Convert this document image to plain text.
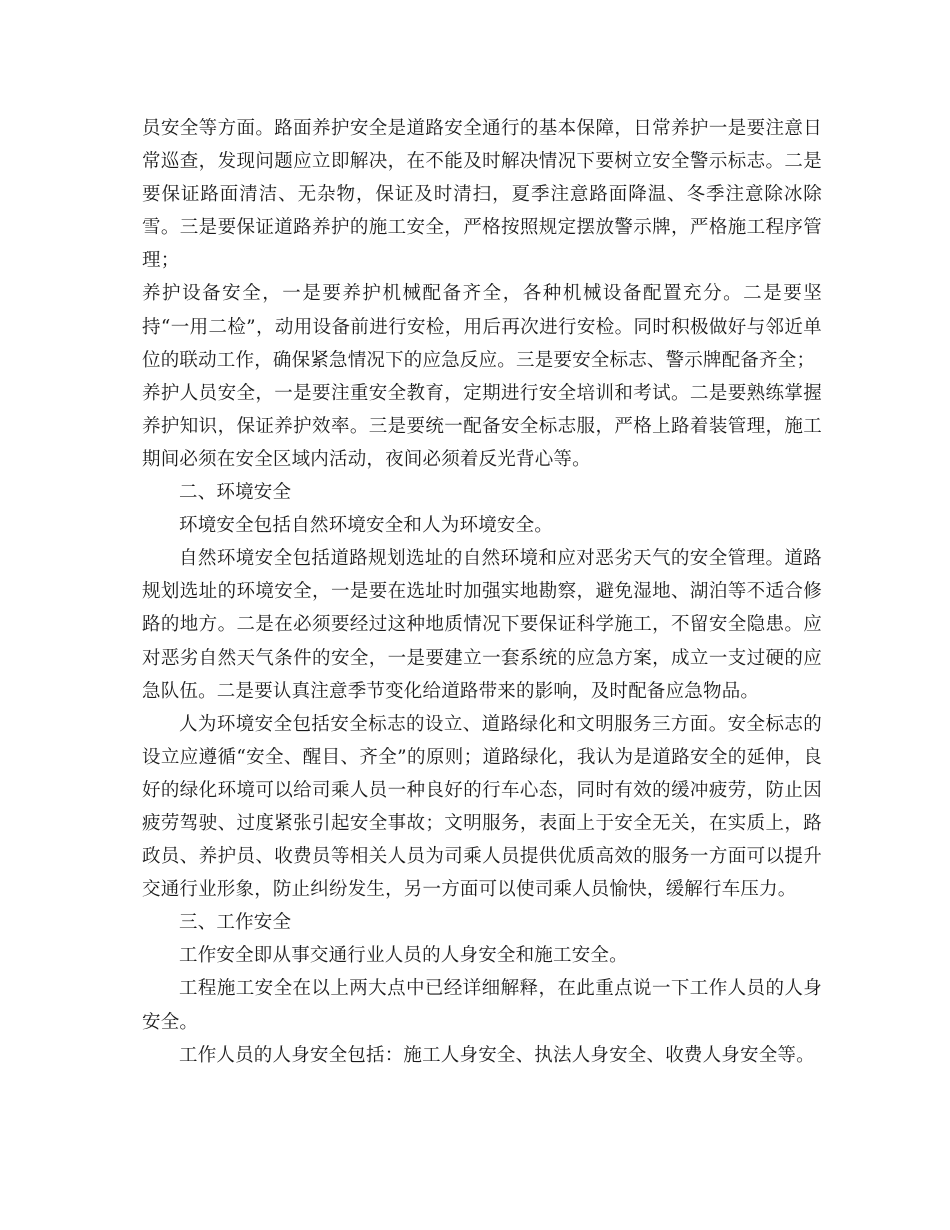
员安全等方面。路面养护安全是道路安全通行的基本保障，日常养护一是要注意日常巡查，发现问题应立即解决，在不能及时解决情况下要树立安全警示标志。二是要保证路面清洁、无杂物，保证及时清扫，夏季注意路面降温、冬季注意除冰除雪。三是要保证道路养护的施工安全，严格按照规定摆放警示牌，严格施工程序管理；

养护设备安全，一是要养护机械配备齐全，各种机械设备配置充分。二是要坚持“一用二检”，动用设备前进行安检，用后再次进行安检。同时积极做好与邻近单位的联动工作，确保紧急情况下的应急反应。三是要安全标志、警示牌配备齐全；

养护人员安全，一是要注重安全教育，定期进行安全培训和考试。二是要熟练掌握养护知识，保证养护效率。三是要统一配备安全标志服，严格上路着装管理，施工期间必须在安全区域内活动，夜间必须着反光背心等。

二、环境安全

环境安全包括自然环境安全和人为环境安全。

自然环境安全包括道路规划选址的自然环境和应对恶劣天气的安全管理。道路规划选址的环境安全，一是要在选址时加强实地勘察，避免湿地、湖泊等不适合修路的地方。二是在必须要经过这种地质情况下要保证科学施工，不留安全隐患。应对恶劣自然天气条件的安全，一是要建立一套系统的应急方案，成立一支过硬的应急队伍。二是要认真注意季节变化给道路带来的影响，及时配备应急物品。

人为环境安全包括安全标志的设立、道路绿化和文明服务三方面。安全标志的设立应遵循“安全、醒目、齐全”的原则；道路绿化，我认为是道路安全的延伸，良好的绿化环境可以给司乘人员一种良好的行车心态，同时有效的缓冲疲劳，防止因疲劳驾驶、过度紧张引起安全事故；文明服务，表面上于安全无关，在实质上，路政员、养护员、收费员等相关人员为司乘人员提供优质高效的服务一方面可以提升交通行业形象，防止纠纷发生，另一方面可以使司乘人员愉快，缓解行车压力。

三、工作安全

工作安全即从事交通行业人员的人身安全和施工安全。

工程施工安全在以上两大点中已经详细解释，在此重点说一下工作人员的人身安全。

工作人员的人身安全包括：施工人身安全、执法人身安全、收费人身安全等。
